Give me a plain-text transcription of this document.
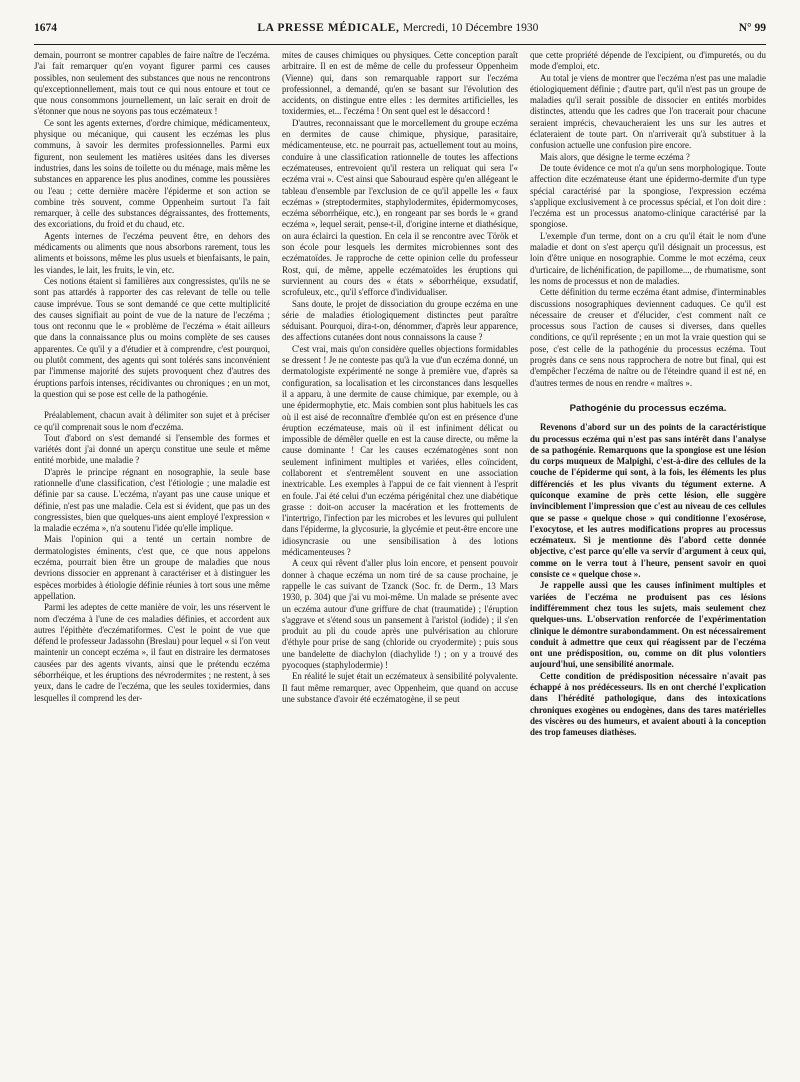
1674	LA PRESSE MÉDICALE, Mercredi, 10 Décembre 1930	N° 99

demain, pourront se montrer capables de faire naître de l'eczéma. J'ai fait remarquer qu'en voyant figurer parmi ces causes possibles, non seulement des substances que nous ne rencontrons qu'exceptionnellement, mais tout ce qui nous entoure et tout ce que nous consommons journellement, un laïc serait en droit de s'étonner que nous ne soyons pas tous eczémateux !

Ce sont les agents externes, d'ordre chimique, médicamenteux, physique ou mécanique, qui causent les eczémas les plus communs, à savoir les dermites professionnelles. Parmi eux figurent, non seulement les matières usitées dans les diverses industries, dans les soins de toilette ou du ménage, mais même les substances en apparence les plus anodines, comme les poussières ou l'eau ; cette dernière macère l'épiderme et son action se combine très souvent, comme Oppenheim surtout l'a fait remarquer, à celle des substances dégraissantes, des frottements, des excoriations, du froid et du chaud, etc.

Agents internes de l'eczéma peuvent être, en dehors des médicaments ou aliments que nous absorbons rarement, tous les aliments et boissons, même les plus usuels et bienfaisants, le pain, les viandes, le lait, les fruits, le vin, etc.

Ces notions étaient si familières aux congressistes, qu'ils ne se sont pas attardés à rapporter des cas relevant de telle ou telle cause imprévue. Tous se sont demandé ce que cette multiplicité des causes signifiait au point de vue de la nature de l'eczéma ; tous ont reconnu que le « problème de l'eczéma » était ailleurs que dans la connaissance plus ou moins complète de ses causes apparentes. Ce qu'il y a d'étudier et à comprendre, c'est pourquoi, ou plutôt comment, des agents qui sont tolérés sans inconvénient par l'immense majorité des sujets provoquent chez d'autres des éruptions parfois intenses, récidivantes ou chroniques ; en un mot, la question qui se pose est celle de la pathogénie.

Préalablement, chacun avait à délimiter son sujet et à préciser ce qu'il comprenait sous le nom d'eczéma.

Tout d'abord on s'est demandé si l'ensemble des formes et variétés dont j'ai donné un aperçu constitue une seule et même entité morbide, une maladie ?

D'après le principe régnant en nosographie, la seule base rationnelle d'une classification, c'est l'étiologie ; une maladie est définie par sa cause. L'eczéma, n'ayant pas une cause unique et définie, n'est pas une maladie. Cela est si évident, que pas un des congressistes, bien que quelques-uns aient employé l'expression « la maladie eczéma », n'a soutenu l'idée qu'elle implique.

Mais l'opinion qui a tenté un certain nombre de dermatologistes éminents, c'est que, ce que nous appelons eczéma, pourrait bien être un groupe de maladies que nous devrions dissocier en apprenant à caractériser et à distinguer les espèces morbides à étiologie définie réunies à tort sous une même appellation.

Parmi les adeptes de cette manière de voir, les uns réservent le nom d'eczéma à l'une de ces maladies définies, et accordent aux autres l'épithète d'eczématiformes. C'est le point de vue que défend le professeur Jadassohn (Breslau) pour lequel « si l'on veut maintenir un concept eczéma », il faut en distraire les dermatoses causées par des agents vivants, ainsi que le prétendu eczéma séborrhéique, et les éruptions des névrodermites ; ne restent, à ses yeux, dans le cadre de l'eczéma, que les seules toxidermies, dans lesquelles il comprend les der-

mites de causes chimiques ou physiques. Cette conception paraît arbitraire. Il en est de même de celle du professeur Oppenheim (Vienne) qui, dans son remarquable rapport sur l'eczéma professionnel, a demandé, qu'en se basant sur l'évolution des accidents, on distingue entre elles : les dermites artificielles, les toxidermies, et... l'eczéma ! On sent quel est le désaccord !

D'autres, reconnaissant que le morcellement du groupe eczéma en dermites de cause chimique, physique, parasitaire, médicamenteuse, etc. ne pourrait pas, actuellement tout au moins, conduire à une classification rationnelle de toutes les affections eczémateuses, entrevoient qu'il restera un reliquat qui sera l'« eczéma vrai ». C'est ainsi que Sabouraud espère qu'en allégeant le tableau d'ensemble par l'exclusion de ce qu'il appelle les « faux eczémas » (streptodermites, staphylodermites, épidermomycoses, eczéma séborrhéique, etc.), en rongeant par ses bords le « grand eczéma », lequel serait, pense-t-il, d'origine interne et diathésique, on aura éclairci la question. En cela il se rencontre avec Török et son école pour lesquels les dermites microbiennes sont des eczématoïdes. Je rapproche de cette opinion celle du professeur Rost, qui, de même, appelle eczématoïdes les éruptions qui surviennent au cours des « états » séborrhéique, exsudatif, scrofuleux, etc., qu'il s'efforce d'individualiser.

Sans doute, le projet de dissociation du groupe eczéma en une série de maladies étiologiquement distinctes peut paraître séduisant. Pourquoi, dira-t-on, dénommer, d'après leur apparence, des affections cutanées dont nous connaissons la cause ?

C'est vrai, mais qu'on considère quelles objections formidables se dressent ! Je ne conteste pas qu'à la vue d'un eczéma donné, un dermatologiste expérimenté ne songe à première vue, d'après sa configuration, sa localisation et les circonstances dans lesquelles il a apparu, à une dermite de cause chimique, par exemple, ou à une épidermophytie, etc. Mais combien sont plus habituels les cas où il est aisé de reconnaître d'emblée qu'on est en présence d'une éruption eczémateuse, mais où il est infiniment délicat ou impossible de démêler quelle en est la cause directe, ou même la cause dominante ! Car les causes eczématogènes sont non seulement infiniment multiples et variées, elles coïncident, collaborent et s'entremêlent souvent en une association inextricable. Les exemples à l'appui de ce fait viennent à l'esprit en foule. J'ai été celui d'un eczéma périgénital chez une diabétique grasse : doit-on accuser la macération et les frottements de l'intertrigo, l'infection par les microbes et les levures qui pullulent dans l'épiderme, la glycosurie, la glycémie et peut-être encore une idiosyncrasie ou une sensibilisation à des lotions médicamenteuses ?

A ceux qui rêvent d'aller plus loin encore, et pensent pouvoir donner à chaque eczéma un nom tiré de sa cause prochaine, je rappelle le cas suivant de Tzanck (Soc. fr. de Derm., 13 Mars 1930, p. 304) que j'ai vu moi-même. Un malade se présente avec un eczéma autour d'une griffure de chat (traumatide) ; l'éruption s'aggrave et s'étend sous un pansement à l'aristol (iodide) ; il s'en produit au pli du coude après une pulvérisation au chlorure d'éthyle pour prise de sang (chloride ou cryodermite) ; puis sous une bandelette de diachylon (diachylide !) ; on y a trouvé des pyocoques (staphylodermie) !

En réalité le sujet était un eczémateux à sensibilité polyvalente. Il faut même remarquer, avec Oppenheim, que quand on accuse une substance d'avoir été eczématogène, il se peut

que cette propriété dépende de l'excipient, ou d'impuretés, ou du mode d'emploi, etc.

Au total je viens de montrer que l'eczéma n'est pas une maladie étiologiquement définie ; d'autre part, qu'il n'est pas un groupe de maladies qu'il serait possible de dissocier en entités morbides distinctes, attendu que les cadres que l'on tracerait pour chacune seraient imprécis, chevaucheraient les uns sur les autres et éclateraient de toute part. On n'arriverait qu'à substituer à la confusion actuelle une confusion pire encore.

Mais alors, que désigne le terme eczéma ?

De toute évidence ce mot n'a qu'un sens morphologique. Toute affection dite eczémateuse étant une épidermo-dermite d'un type spécial caractérisé par la spongiose, l'expression eczéma s'applique exclusivement à ce processus spécial, et l'on doit dire : l'eczéma est un processus anatomo-clinique caractérisé par la spongiose.

L'exemple d'un terme, dont on a cru qu'il était le nom d'une maladie et dont on s'est aperçu qu'il désignait un processus, est loin d'être unique en nosographie. Comme le mot eczéma, ceux d'urticaire, de lichénification, de papillome..., de rhumatisme, sont les noms de processus et non de maladies.

Cette définition du terme eczéma étant admise, d'interminables discussions nosographiques deviennent caduques. Ce qu'il est nécessaire de creuser et d'élucider, c'est comment naît ce processus sous l'action de causes si diverses, dans quelles conditions, ce qu'il représente ; en un mot la vraie question qui se pose, c'est celle de la pathogénie du processus eczéma. Tout progrès dans ce sens nous rapprochera de notre but final, qui est d'empêcher l'eczéma de naître ou de l'éteindre quand il est né, en d'autres termes de nous en rendre « maîtres ».

Pathogénie du processus eczéma.

Revenons d'abord sur un des points de la caractéristique du processus eczéma qui n'est pas sans intérêt dans l'analyse de sa pathogénie. Remarquons que la spongiose est une lésion du corps muqueux de Malpighi, c'est-à-dire des cellules de la couche de l'épiderme qui sont, à la fois, les éléments les plus différenciés et les plus vivants du tégument externe. A quiconque examine de près cette lésion, elle suggère invinciblement l'impression que c'est au niveau de ces cellules que se passe « quelque chose » qui conditionne l'exosérose, l'exocytose, et les autres modifications propres au processus eczémateux. Si je mentionne dès l'abord cette donnée objective, c'est parce qu'elle va servir d'argument à ceux qui, comme on le verra tout à l'heure, pensent savoir en quoi consiste ce « quelque chose ».

Je rappelle aussi que les causes infiniment multiples et variées de l'eczéma ne produisent pas ces lésions indifféremment chez tous les sujets, mais seulement chez quelques-uns. L'observation renforcée de l'expérimentation clinique le démontre surabondamment. On est nécessairement conduit à admettre que ceux qui réagissent par de l'eczéma ont une prédisposition, ou, comme on dit plus volontiers aujourd'hui, une sensibilité anormale.

Cette condition de prédisposition nécessaire n'avait pas échappé à nos prédécesseurs. Ils en ont cherché l'explication dans l'hérédité pathologique, dans des intoxications chroniques exogènes ou endogènes, dans des tares matérielles des viscères ou des humeurs, et avaient abouti à la conception des trop fameuses diathèses.
